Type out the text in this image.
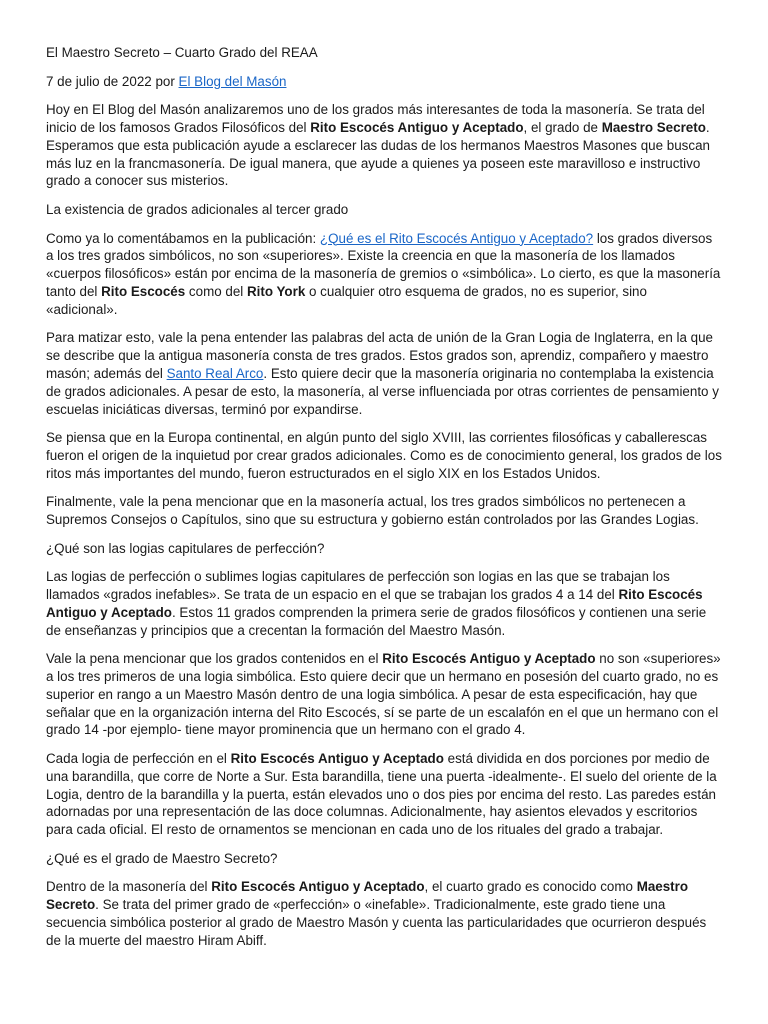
El Maestro Secreto – Cuarto Grado del REAA

7 de julio de 2022 por El Blog del Masón

Hoy en El Blog del Masón analizaremos uno de los grados más interesantes de toda la masonería. Se trata del inicio de los famosos Grados Filosóficos del Rito Escocés Antiguo y Aceptado, el grado de Maestro Secreto. Esperamos que esta publicación ayude a esclarecer las dudas de los hermanos Maestros Masones que buscan más luz en la francmasonería. De igual manera, que ayude a quienes ya poseen este maravilloso e instructivo grado a conocer sus misterios.

La existencia de grados adicionales al tercer grado

Como ya lo comentábamos en la publicación: ¿Qué es el Rito Escocés Antiguo y Aceptado? los grados diversos a los tres grados simbólicos, no son «superiores». Existe la creencia en que la masonería de los llamados «cuerpos filosóficos» están por encima de la masonería de gremios o «simbólica». Lo cierto, es que la masonería tanto del Rito Escocés como del Rito York o cualquier otro esquema de grados, no es superior, sino «adicional».

Para matizar esto, vale la pena entender las palabras del acta de unión de la Gran Logia de Inglaterra, en la que se describe que la antigua masonería consta de tres grados. Estos grados son, aprendiz, compañero y maestro masón; además del Santo Real Arco. Esto quiere decir que la masonería originaria no contemplaba la existencia de grados adicionales. A pesar de esto, la masonería, al verse influenciada por otras corrientes de pensamiento y escuelas iniciáticas diversas, terminó por expandirse.

Se piensa que en la Europa continental, en algún punto del siglo XVIII, las corrientes filosóficas y caballerescas fueron el origen de la inquietud por crear grados adicionales. Como es de conocimiento general, los grados de los ritos más importantes del mundo, fueron estructurados en el siglo XIX en los Estados Unidos.

Finalmente, vale la pena mencionar que en la masonería actual, los tres grados simbólicos no pertenecen a Supremos Consejos o Capítulos, sino que su estructura y gobierno están controlados por las Grandes Logias.

¿Qué son las logias capitulares de perfección?

Las logias de perfección o sublimes logias capitulares de perfección son logias en las que se trabajan los llamados «grados inefables». Se trata de un espacio en el que se trabajan los grados 4 a 14 del Rito Escocés Antiguo y Aceptado. Estos 11 grados comprenden la primera serie de grados filosóficos y contienen una serie de enseñanzas y principios que a crecentan la formación del Maestro Masón.

Vale la pena mencionar que los grados contenidos en el Rito Escocés Antiguo y Aceptado no son «superiores» a los tres primeros de una logia simbólica. Esto quiere decir que un hermano en posesión del cuarto grado, no es superior en rango a un Maestro Masón dentro de una logia simbólica. A pesar de esta especificación, hay que señalar que en la organización interna del Rito Escocés, sí se parte de un escalafón en el que un hermano con el grado 14 -por ejemplo- tiene mayor prominencia que un hermano con el grado 4.

Cada logia de perfección en el Rito Escocés Antiguo y Aceptado está dividida en dos porciones por medio de una barandilla, que corre de Norte a Sur. Esta barandilla, tiene una puerta -idealmente-. El suelo del oriente de la Logia, dentro de la barandilla y la puerta, están elevados uno o dos pies por encima del resto. Las paredes están adornadas por una representación de las doce columnas. Adicionalmente, hay asientos elevados y escritorios para cada oficial. El resto de ornamentos se mencionan en cada uno de los rituales del grado a trabajar.

¿Qué es el grado de Maestro Secreto?

Dentro de la masonería del Rito Escocés Antiguo y Aceptado, el cuarto grado es conocido como Maestro Secreto. Se trata del primer grado de «perfección» o «inefable». Tradicionalmente, este grado tiene una secuencia simbólica posterior al grado de Maestro Masón y cuenta las particularidades que ocurrieron después de la muerte del maestro Hiram Abiff.
